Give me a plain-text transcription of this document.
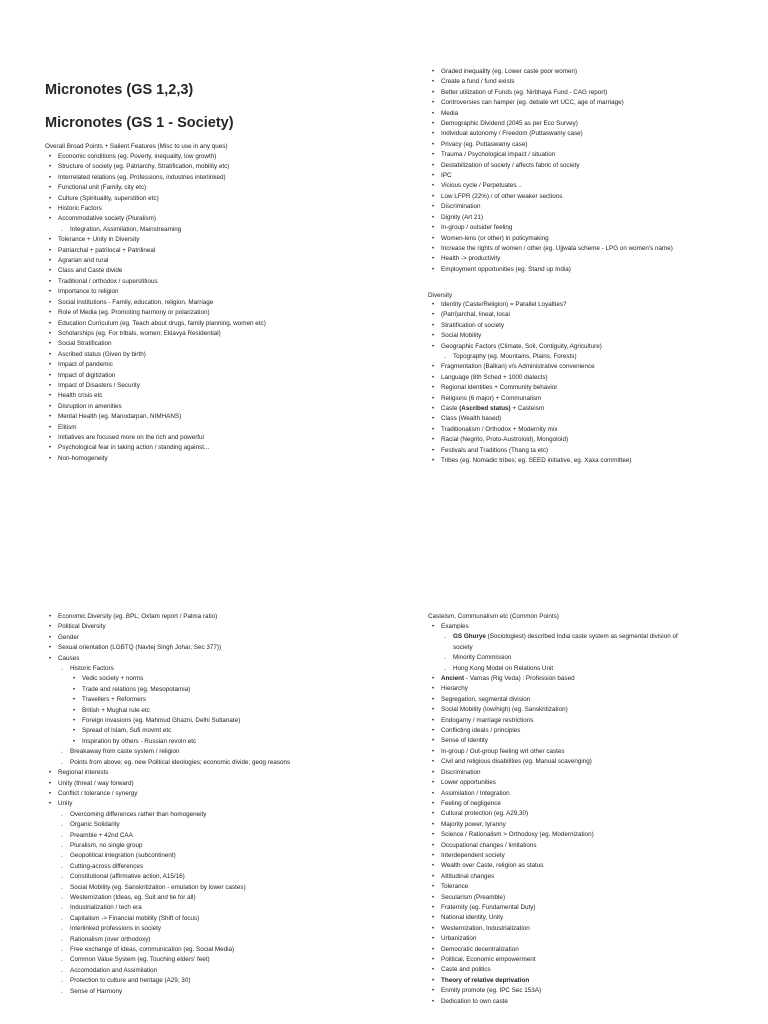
Micronotes (GS 1,2,3)
Micronotes (GS 1 - Society)
Overall Broad Points + Salient Features (Misc to use in any ques)
• Economic conditions (eg. Poverty, inequality, low growth)
• Structure of society (eg. Patriarchy, Stratification, mobility etc)
• Interrelated relations (eg. Professions, industries interlinked)
• Functional unit (Family, city etc)
• Culture (Spirituality, superstition etc)
• Historic Factors
• Accommodative society (Pluralism)
◦ Integration, Assimilation, Mainstreaming
• Tolerance + Unity in Diversity
• Patriarchal + patrilocal + Patrilineal
• Agrarian and rural
• Class and Caste divide
• Traditional / orthodox / superstitious
• Importance to religion
• Social institutions - Family, education, religion, Marriage
• Role of Media (eg. Promoting harmony or polarization)
• Education Curriculum (eg. Teach about drugs, family planning, women etc)
• Scholarships (eg. For tribals, women; Eklavya Residential)
• Social Stratification
• Ascribed status (Given by birth)
• Impact of pandemic
• Impact of digitization
• Impact of Disasters / Security
• Health crisis etc
• Disruption in amenities
• Mental Health (eg. Manodarpan, NIMHANS)
• Elitism
• Initiatives are focused more on the rich and powerful
• Psychological fear in taking action / standing against...
• Non-homogeneity
• Graded inequality (eg. Lower caste poor women)
• Create a fund / fund exists
• Better utilization of Funds (eg. Nirbhaya Fund - CAG report)
• Controversies can hamper (eg. debate wrt UCC, age of marriage)
• Media
• Demographic Dividend (2045 as per Eco Survey)
• Individual autonomy / Freedom (Puttaswamy case)
• Privacy (eg. Puttaswamy case)
• Trauma / Psychological impact / situation
• Destabilization of society / affects fabric of society
• IPC
• Vicious cycle / Perpetuates ..
• Low LFPR (22%) / of other weaker sections
• Discrimination
• Dignity (Art 21)
• In-group / outsider feeling
• Women-lens (or other) in policymaking
• Increase the rights of women / other (eg. Ujjwala scheme - LPG on women's name)
• Health -> productivity
• Employment opportunities (eg. Stand up India)
Diversity
• Identity (Caste/Religion) = Parallel Loyalties?
• (Patri)archal, lineal, local
• Stratification of society
• Social Mobility
• Geographic Factors (Climate, Soil, Contiguity, Agriculture)
◦ Topography (eg. Mountains, Plains, Forests)
• Fragmentation (Balkan) v/s Administrative convenience
• Language (8th Sched + 1000 dialects)
• Regional identities + Community behavior
• Religions (6 major) + Communalism
• Caste (Ascribed status) + Casteism
• Class (Wealth based)
• Traditionalism / Orthodox + Modernity mix
• Racial (Negrito, Proto-Austroloid), Mongoloid)
• Festivals and Traditions (Thang ta etc)
• Tribes (eg. Nomadic tribes; eg. SEED initiative, eg. Xaxa committee)
• Economic Diversity (eg. BPL; Oxfam report / Palma ratio)
• Political Diversity
• Gender
• Sexual orientation (LGBTQ (Navtej Singh Johar, Sec 377))
• Causes
◦ Historic Factors
• Vedic society + norms
• Trade and relations (eg. Mesopotamia)
• Travellers + Reformers
• British + Mughal rule etc
• Foreign invasions (eg. Mahmud Ghazni, Delhi Sultanate)
• Spread of Islam, Sufi movmt etc
• Inspiration by others - Russian revoln etc
◦ Breakaway from caste system / religion
◦ Points from above; eg. new Political ideologies; economic divide; geog reasons
• Regional interests
• Unity (threat / way forward)
• Conflict / tolerance / synergy
• Unity
◦ Overcoming differences rather than homogeneity
◦ Organic Solidarity
◦ Preamble + 42nd CAA
◦ Pluralism, no single group
◦ Geopolitical integration (subcontinent)
◦ Cutting-across differences
◦ Constitutional (affirmative action, A15/16)
◦ Social Mobility (eg. Sanskritization - emulation by lower castes)
◦ Westernization (Ideas, eg. Suit and tie for all)
◦ Industrialization / tech era
◦ Capitalism -> Financial mobility (Shift of focus)
◦ Interlinked professions in society
◦ Rationalism (over orthodoxy)
◦ Free exchange of ideas, communication (eg. Social Media)
◦ Common Value System (eg. Touching elders' feet)
◦ Accomodation and Assimilation
◦ Protection to culture and heritage (A29, 30)
◦ Sense of Harmony
Casteism, Communalism etc (Common Points)
• Examples
◦ GS Ghurye (Sociologiest) described India caste system as segmental division of
society
◦ Minority Commission
◦ Hong Kong Model on Relations Unit
• Ancient - Varnas (Rig Veda) : Profession based
• Hierarchy
• Segregation, segmental division
• Social Mobility (low/high) (eg. Sanskritization)
• Endogamy / marriage restrictions
• Conflicting ideals / principles
• Sense of Identity
• In-group / Out-group feeling wrt other castes
• Civil and religious disabilities (eg. Manual scavenging)
• Discrimination
• Lower opportunities
• Assimilation / Integration
• Feeling of negligence
• Cultural protection (eg. A29,30)
• Majority power, tyranny
• Science / Rationalism > Orthodoxy (eg. Modernization)
• Occupational changes / limitations
• Interdependent society
• Wealth over Caste, religion as status
• Attitudinal changes
• Tolerance
• Secularism (Preamble)
• Fraternity (eg. Fundamental Duty)
• National identity, Unity
• Westernization, Industrialization
• Urbanization
• Democratic decentralization
• Political, Economic empowerment
• Caste and politics
• Theory of relative deprivation
• Enmity promote (eg. IPC Sec 153A)
• Dedication to own caste
